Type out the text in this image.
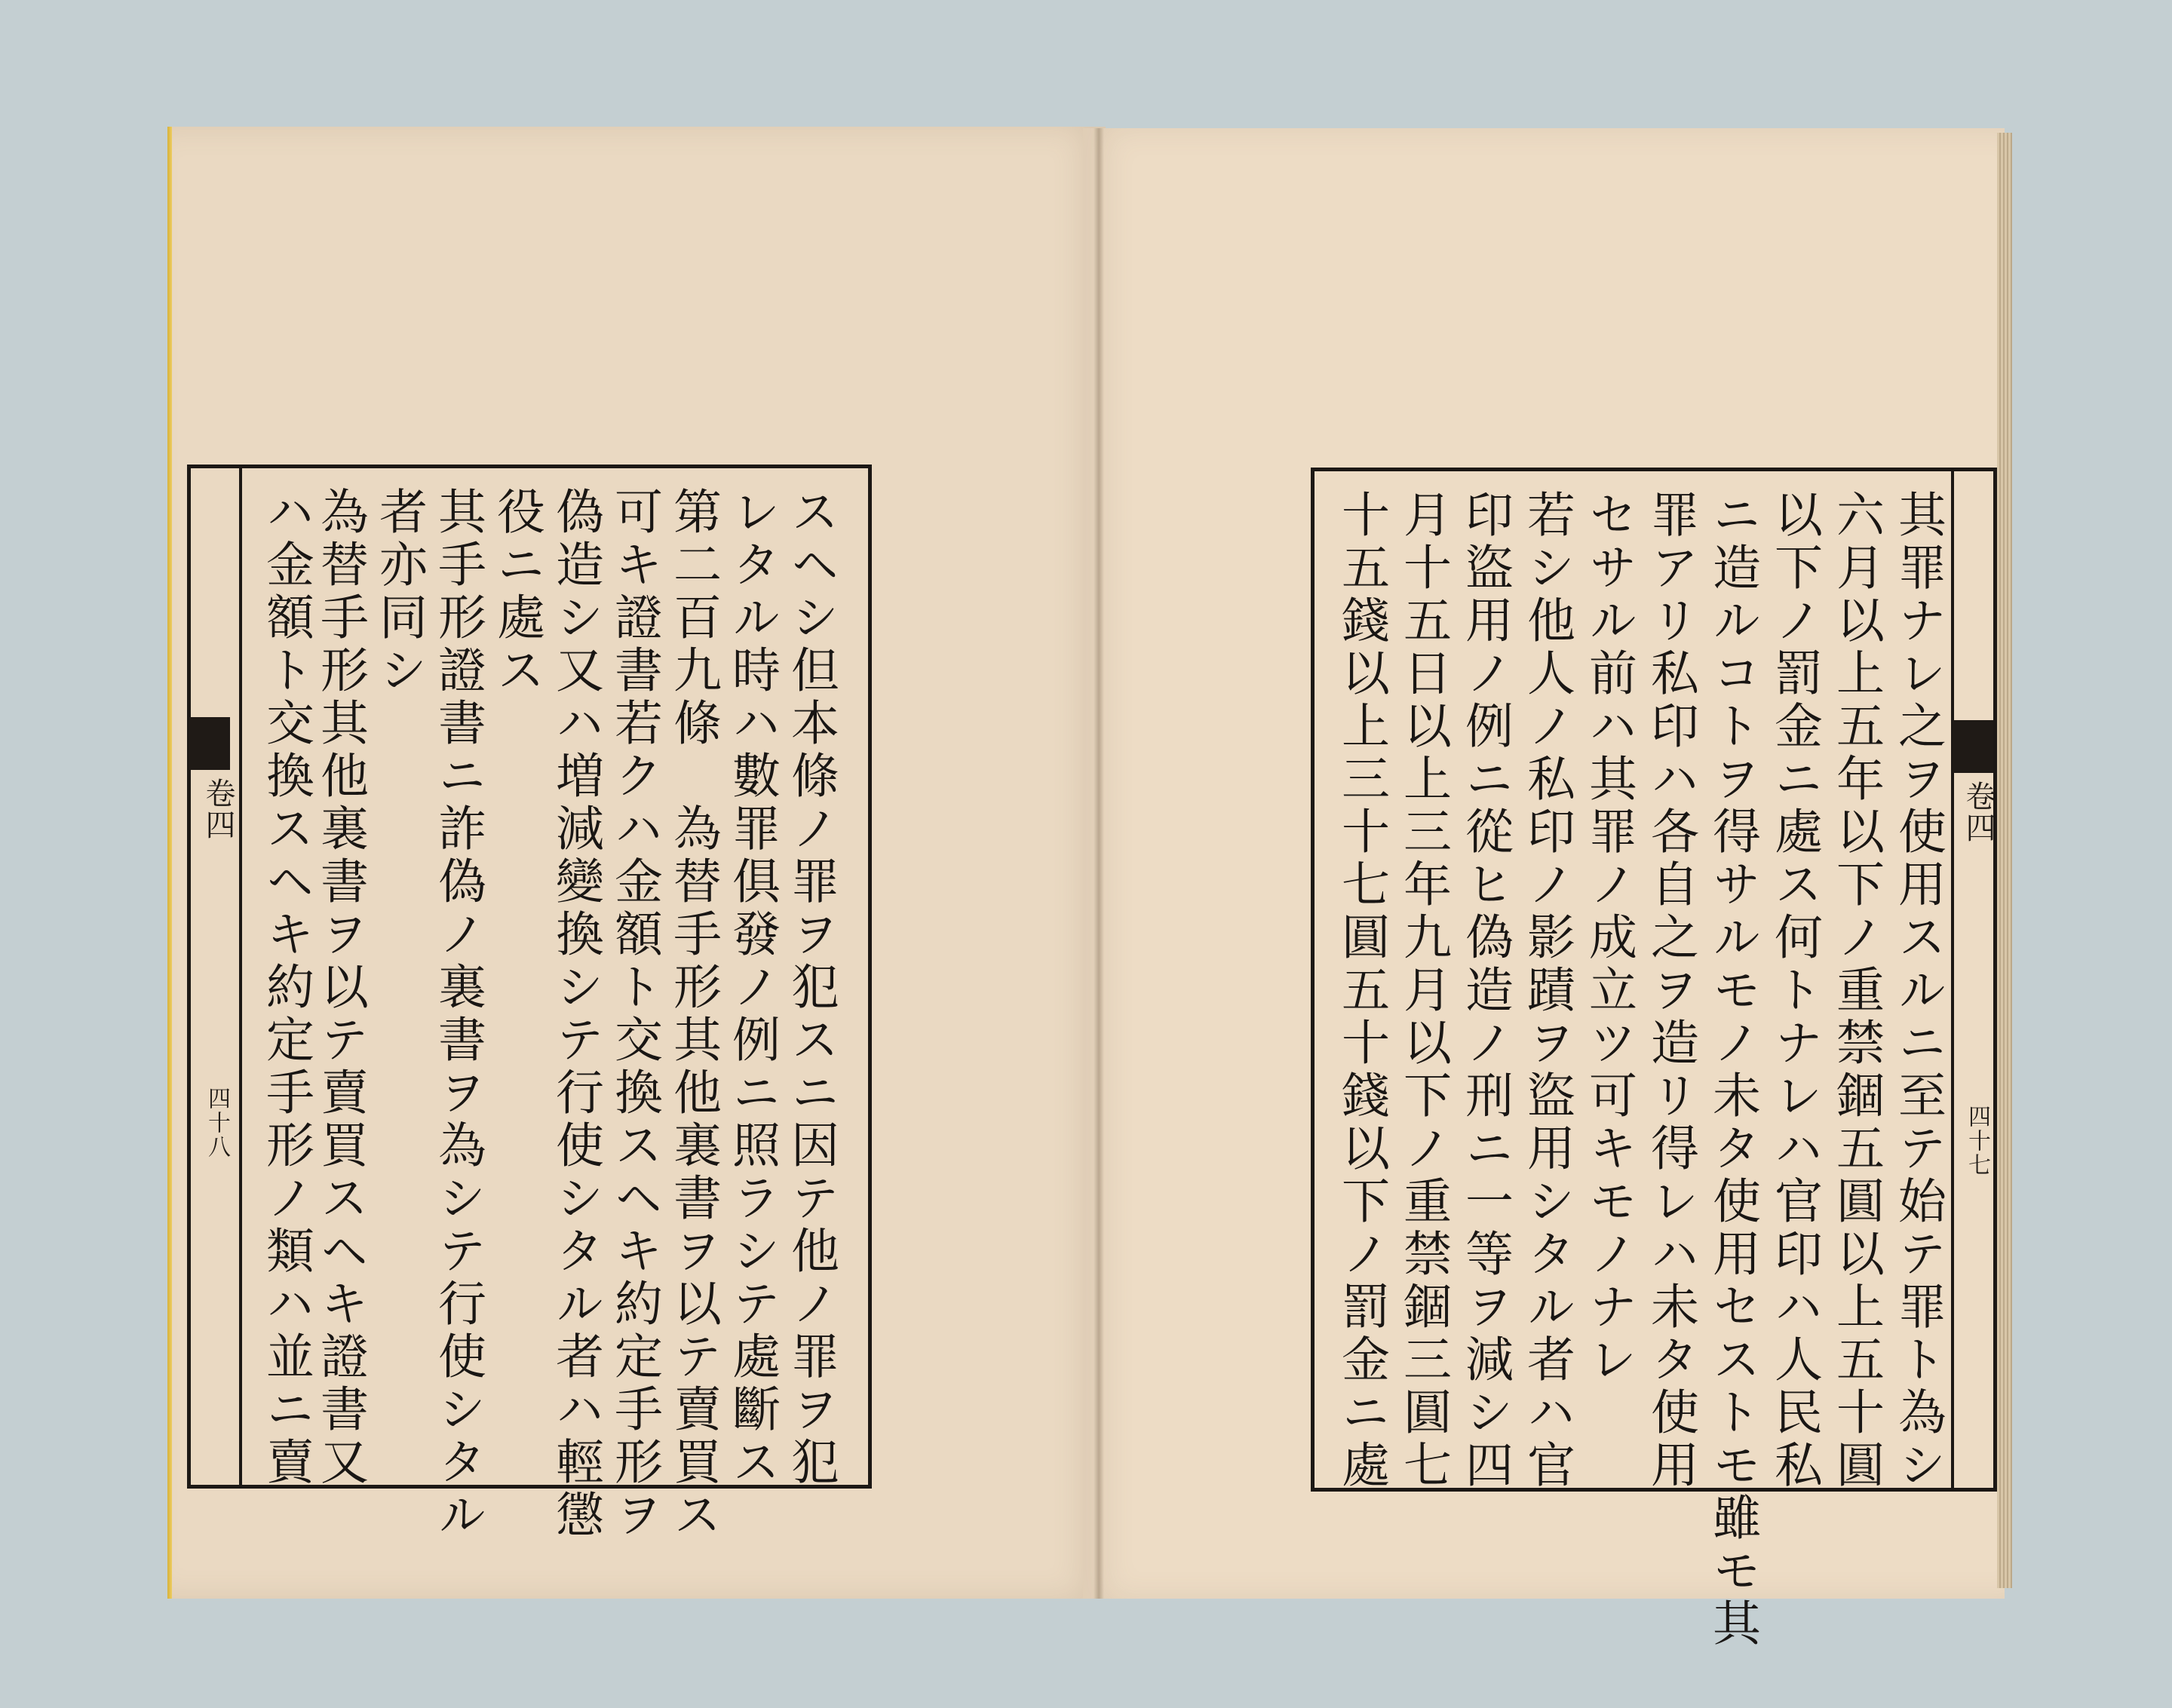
卷四
四十八 ハ金額ト交換スヘキ約定手形ノ類ハ並ニ賣
為替手形其他裏書ヲ以テ賣買スヘキ證書又 者亦同シ 其手形證書ニ詐偽ノ裏書ヲ為シテ行使シタル 役ニ處ス 偽造シ又ハ増減變換シテ行使シタル者ハ輕懲 可キ證書若クハ金額ト交換スヘキ約定手形ヲ 第二百九條　為替手形其他裏書ヲ以テ賣買ス レタル時ハ數罪俱發ノ例ニ照ラシテ處斷ス スヘシ但本條ノ罪ヲ犯スニ因テ他ノ罪ヲ犯	卷四
四十七
十五錢以上三十七圓五十錢以下ノ罰金ニ處 月十五日以上三年九月以下ノ重禁錮三圓七 印盜用ノ例ニ從ヒ偽造ノ刑ニ一等ヲ減シ四 若シ他人ノ私印ノ影蹟ヲ盜用シタル者ハ官 セサル前ハ其罪ノ成立ツ可キモノナレ 罪アリ私印ハ各自之ヲ造リ得レハ未タ使用 ニ造ルコトヲ得サルモノ未タ使用セストモ雖モ其 以下ノ罰金ニ處ス何トナレハ官印ハ人民私 六月以上五年以下ノ重禁錮五圓以上五十圓 其罪ナレ之ヲ使用スルニ至テ始テ罪ト為シ
